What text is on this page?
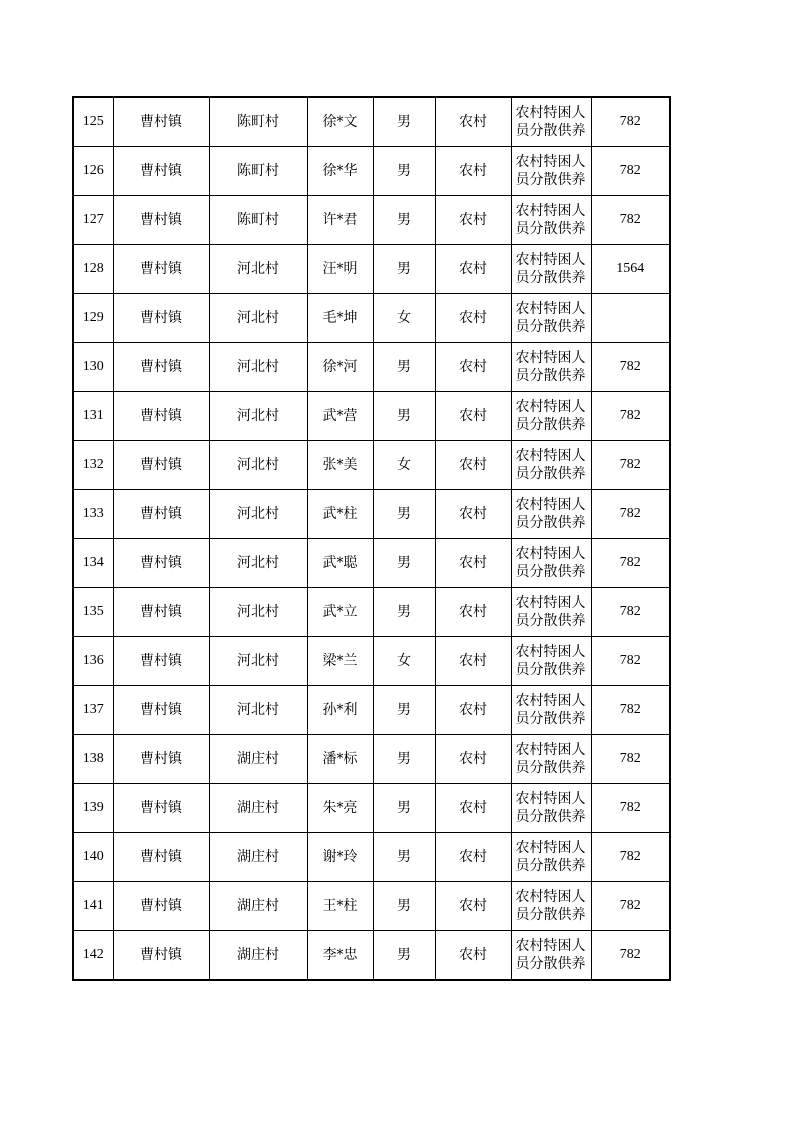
125	曹村镇	陈町村	徐*文	男	农村	农村特困人员分散供养	782
126	曹村镇	陈町村	徐*华	男	农村	农村特困人员分散供养	782
127	曹村镇	陈町村	许*君	男	农村	农村特困人员分散供养	782
128	曹村镇	河北村	汪*明	男	农村	农村特困人员分散供养	1564
129	曹村镇	河北村	毛*坤	女	农村	农村特困人员分散供养	
130	曹村镇	河北村	徐*河	男	农村	农村特困人员分散供养	782
131	曹村镇	河北村	武*营	男	农村	农村特困人员分散供养	782
132	曹村镇	河北村	张*美	女	农村	农村特困人员分散供养	782
133	曹村镇	河北村	武*柱	男	农村	农村特困人员分散供养	782
134	曹村镇	河北村	武*聪	男	农村	农村特困人员分散供养	782
135	曹村镇	河北村	武*立	男	农村	农村特困人员分散供养	782
136	曹村镇	河北村	梁*兰	女	农村	农村特困人员分散供养	782
137	曹村镇	河北村	孙*利	男	农村	农村特困人员分散供养	782
138	曹村镇	湖庄村	潘*标	男	农村	农村特困人员分散供养	782
139	曹村镇	湖庄村	朱*亮	男	农村	农村特困人员分散供养	782
140	曹村镇	湖庄村	谢*玲	男	农村	农村特困人员分散供养	782
141	曹村镇	湖庄村	王*柱	男	农村	农村特困人员分散供养	782
142	曹村镇	湖庄村	李*忠	男	农村	农村特困人员分散供养	782
